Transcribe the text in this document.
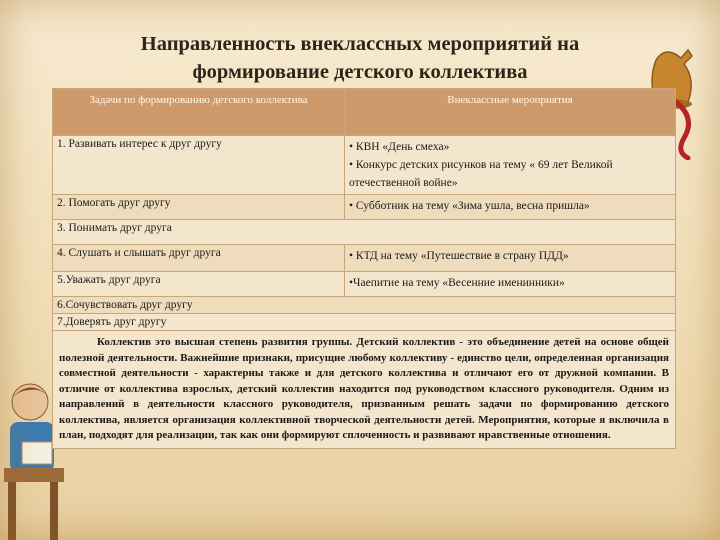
Направленность внеклассных мероприятий на
формирование детского коллектива
Задачи по формированию детского коллектива	Внеклассные мероприятия
1. Развивать интерес к друг другу	• КВН «День смеха»

• Конкурс детских рисунков на тему « 69 лет Великой отечественной войне»

2. Помогать друг другу	• Субботник на тему «Зима ушла, весна пришла»

3. Понимать друг друга	
4. Слушать и слышать друг друга	• КТД на тему «Путешествие в страну ПДД»

5.Уважать друг друга	•Чаепитие на тему «Весенние именинники»

6.Сочувствовать друг другу	
7.Доверять друг другу	
Коллектив это высшая степень развития группы. Детский коллектив - это объединение детей на основе общей полезной деятельности. Важнейшие признаки, присущие любому коллективу - единство цели, определенная организация совместной деятельности - характерны также и для детского коллектива и отличают его от дружной компании. В отличие от коллектива взрослых, детский коллектив находится под руководством классного руководителя. Одним из направлений в деятельности классного руководителя, призванным решать задачи по формированию детского коллектива, является организация коллективной творческой деятельности детей. Мероприятия, которые я включила в план, подходят для реализации, так как они формируют сплоченность и развивают нравственные отношения.	
